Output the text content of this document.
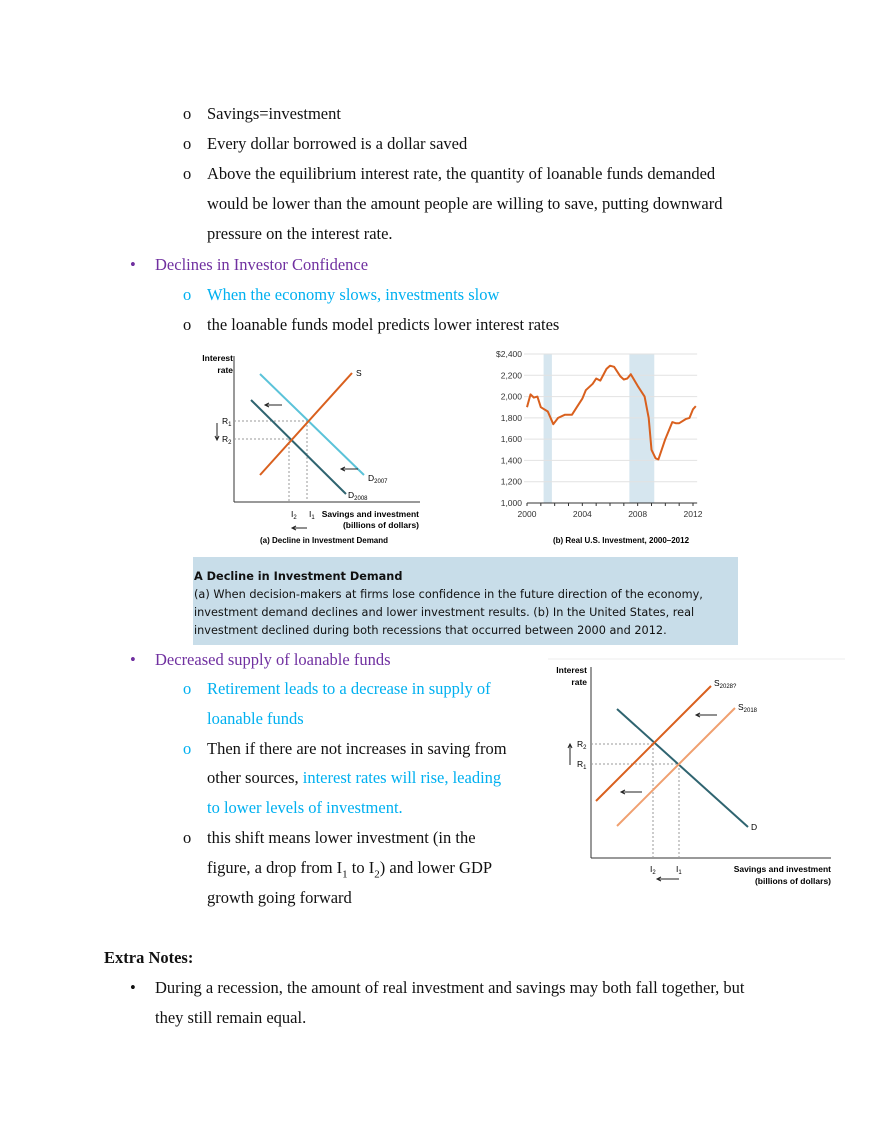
o Savings=investment
o Every dollar borrowed is a dollar saved
o Above the equilibrium interest rate, the quantity of loanable funds demanded
would be lower than the amount people are willing to save, putting downward
pressure on the interest rate.
• Declines in Investor Confidence
o When the economy slows, investments slow
o the loanable funds model predicts lower interest rates
Interest
rate	S
$D_{2007}$
$D_{2008}$
$R_1$
$R_2$
$I_2$ $I_1$ Savings and investment
(billions of dollars)
(a) Decline in Investment Demand
1,000
1,200
1,400
1,600
1,800
2,000
2,200
$2,400
2000	2004	2008	2012
(b) Real U.S. Investment, 2000–2012
A Decline in Investment Demand
(a) When decision-makers at firms lose confidence in the future direction of the economy,
investment demand declines and lower investment results. (b) In the United States, real
investment declined during both recessions that occurred between 2000 and 2012.
• Decreased supply of loanable funds
o Retirement leads to a decrease in supply of
loanable funds
o Then if there are not increases in saving from
other sources, interest rates will rise, leading
to lower levels of investment.
o this shift means lower investment (in the
figure, a drop from $I_1$ to $I_2$) and lower GDP
growth going forward
Interest
rate	$S_{2028?}$
$S_{2018}$
D
$R_2$
$R_1$
$I_2$ $I_1$	Savings and investment
(billions of dollars)
Extra Notes:
• During a recession, the amount of real investment and savings may both fall together, but
they still remain equal.
